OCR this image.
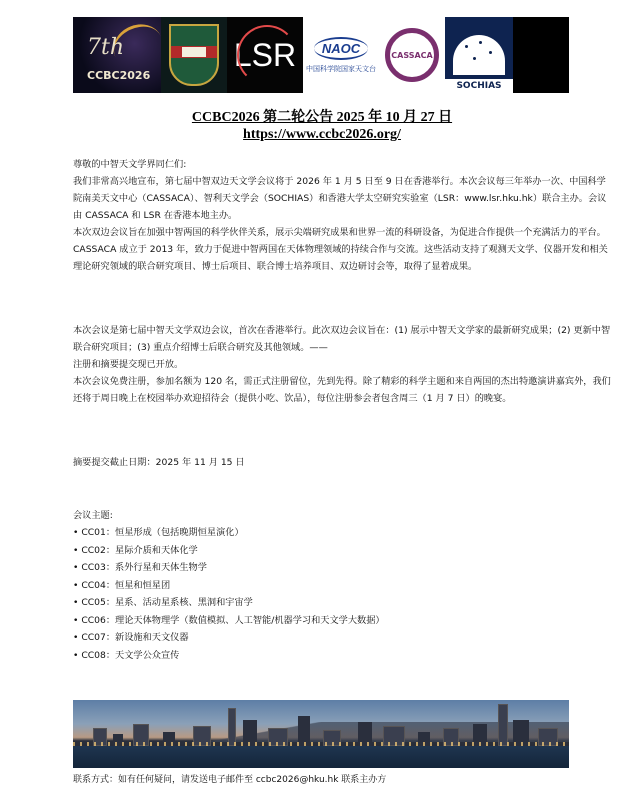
7th
CCBC2026
LSR	NAOC
中国科学院国家天文台
CASSACA
SOCHIAS
CCBC2026 第二轮公告 2025 年 10 月 27 日
https://www.ccbc2026.org/

尊敬的中智天文学界同仁们:

我们非常高兴地宣布，第七届中智双边天文学会议将于 2026 年 1 月 5 日至 9 日在香港举行。本次会议每三年举办一次、中国科学院南美天文中心（CASSACA）、智利天文学会（SOCHIAS）和香港大学太空研究实验室（LSR：www.lsr.hku.hk）联合主办。会议由 CASSACA 和 LSR 在香港本地主办。

本次双边会议旨在加强中智两国的科学伙伴关系，展示尖端研究成果和世界一流的科研设备，为促进合作提供一个充满活力的平台。CASSACA 成立于 2013 年，致力于促进中智两国在天体物理领域的持续合作与交流。这些活动支持了观测天文学、仪器开发和相关理论研究领域的联合研究项目、博士后项目、联合博士培养项目、双边研讨会等，取得了显着成果。

本次会议是第七届中智天文学双边会议，首次在香港举行。此次双边会议旨在：(1) 展示中智天文学家的最新研究成果；(2) 更新中智联合研究项目；(3) 重点介绍博士后联合研究及其他领域。——

注册和摘要提交现已开放。

本次会议免费注册，参加名额为 120 名，需正式注册留位，先到先得。除了精彩的科学主题和来自两国的杰出特邀演讲嘉宾外，我们还将于周日晚上在校园举办欢迎招待会（提供小吃、饮品），每位注册参会者包含周三（1 月 7 日）的晚宴。

摘要提交截止日期：2025 年 11 月 15 日

会议主题:

• CC01：恒星形成（包括晚期恒星演化）
• CC02：星际介质和天体化学
• CC03：系外行星和天体生物学
• CC04：恒星和恒星团
• CC05：星系、活动星系核、黑洞和宇宙学
• CC06：理论天体物理学（数值模拟、人工智能/机器学习和天文学大数据）
• CC07：新设施和天文仪器
• CC08：天文学公众宣传
联系方式：如有任何疑问，请发送电子邮件至 ccbc2026@hku.hk 联系主办方
